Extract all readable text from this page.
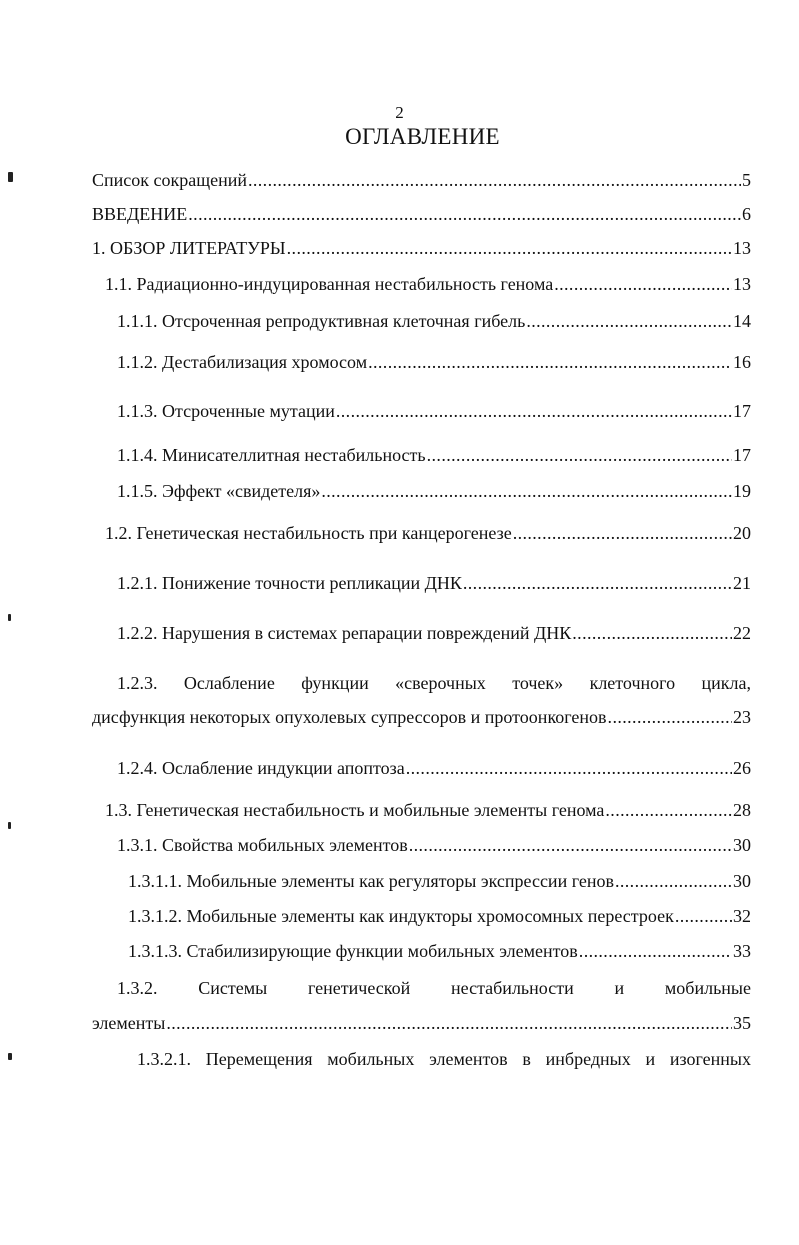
2
ОГЛАВЛЕНИЕ
Список сокращений .....	5
ВВЕДЕНИЕ .....	6
1. ОБЗОР ЛИТЕРАТУРЫ .....	13
1.1. Радиационно-индуцированная нестабильность генома .....	13
1.1.1. Отсроченная репродуктивная клеточная гибель .....	14
1.1.2. Дестабилизация хромосом .....	16
1.1.3. Отсроченные мутации .....	17
1.1.4. Минисателлитная нестабильность .....	17
1.1.5. Эффект «свидетеля» .....	19
1.2. Генетическая нестабильность при канцерогенезе .....	20
1.2.1. Понижение точности репликации ДНК .....	21
1.2.2. Нарушения в системах репарации повреждений ДНК .....	22
1.2.3. Ослабление функции «сверочных точек» клеточного цикла,
дисфункция некоторых опухолевых супрессоров и протоонкогенов .....	23
1.2.4. Ослабление индукции апоптоза .....	26
1.3. Генетическая нестабильность и мобильные элементы генома .....	28
1.3.1. Свойства мобильных элементов .....	30
1.3.1.1. Мобильные элементы как регуляторы экспрессии генов .....	30
1.3.1.2. Мобильные элементы как индукторы хромосомных перестроек .....	32
1.3.1.3. Стабилизирующие функции мобильных элементов .....	33
1.3.2. Системы генетической нестабильности и мобильные
элементы .....	35
1.3.2.1. Перемещения мобильных элементов в инбредных и изогенных
